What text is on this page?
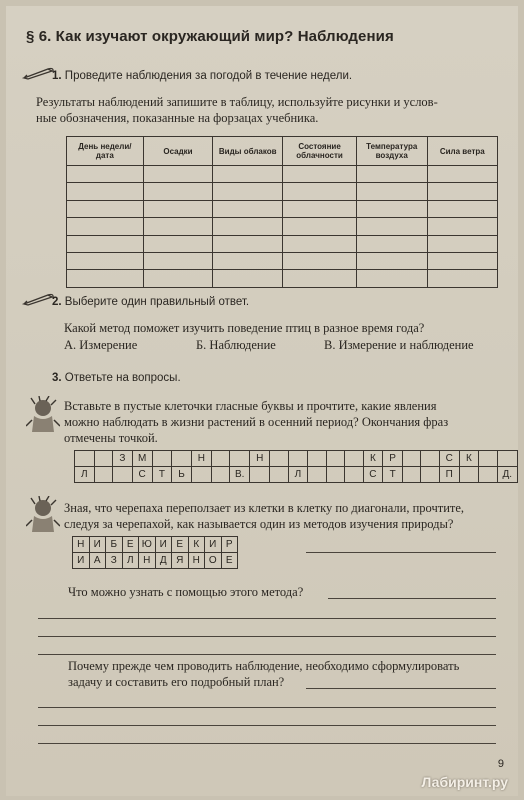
§ 6. Как изучают окружающий мир? Наблюдения
1. Проведите наблюдения за погодой в течение недели.
Результаты наблюдений запишите в таблицу, используйте рисунки и услов-
ные обозначения, показанные на форзацах учебника.
День недели/ дата	Осадки	Виды облаков	Состояние облачности	Температура воздуха	Сила ветра

2. Выберите один правильный ответ.
Какой метод поможет изучить поведение птиц в разное время года?
А. Измерение	Б. Наблюдение	В. Измерение и наблюдение
3. Ответьте на вопросы.
Вставьте в пустые клеточки гласные буквы и прочтите, какие явления
можно наблюдать в жизни растений в осенний период? Окончания фраз
отмечены точкой.
		З	М			Н			Н						К	Р			С	К		
Л			С	Т	Ь			В.			Л				С	Т			П			Д.
Зная, что черепаха переползает из клетки в клетку по диагонали, прочтите,
следуя за черепахой, как называется один из методов изучения природы?
Н	И	Б	Е	Ю	И	Е	К	И	Р
И	А	З	Л	Н	Д	Я	Н	О	Е
Что можно узнать с помощью этого метода?
Почему прежде чем проводить наблюдение, необходимо сформулировать
задачу и составить его подробный план?
9
Лабиринт.ру
